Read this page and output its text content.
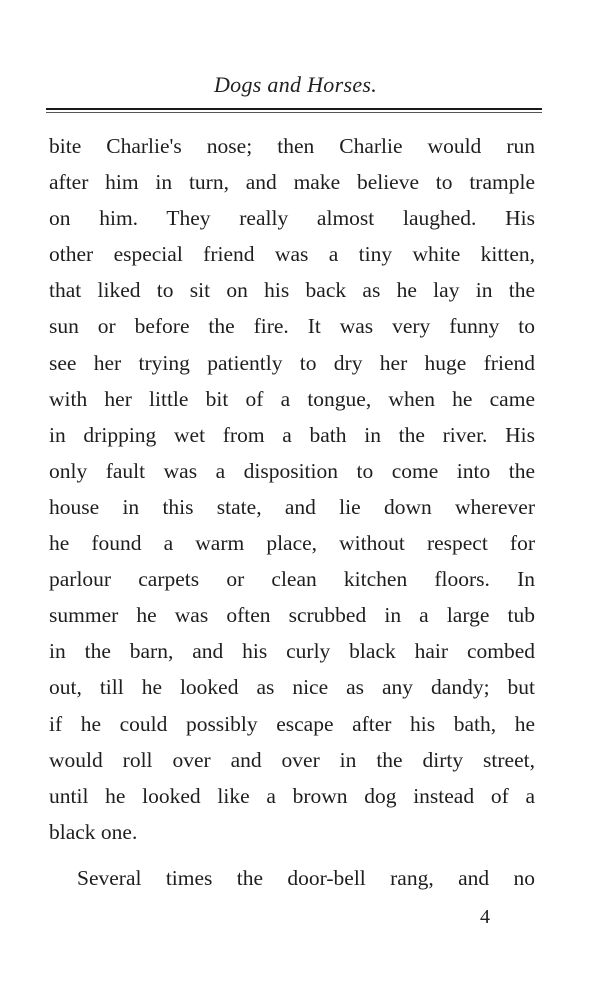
Dogs and Horses.
bite Charlie's nose; then Charlie would run
after him in turn, and make believe to trample
on him. They really almost laughed. His
other especial friend was a tiny white kitten,
that liked to sit on his back as he lay in the
sun or before the fire. It was very funny to
see her trying patiently to dry her huge friend
with her little bit of a tongue, when he came
in dripping wet from a bath in the river. His
only fault was a disposition to come into the
house in this state, and lie down wherever
he found a warm place, without respect for
parlour carpets or clean kitchen floors. In
summer he was often scrubbed in a large tub
in the barn, and his curly black hair combed
out, till he looked as nice as any dandy; but
if he could possibly escape after his bath, he
would roll over and over in the dirty street,
until he looked like a brown dog instead of a
black one.
Several times the door-bell rang, and no
4
